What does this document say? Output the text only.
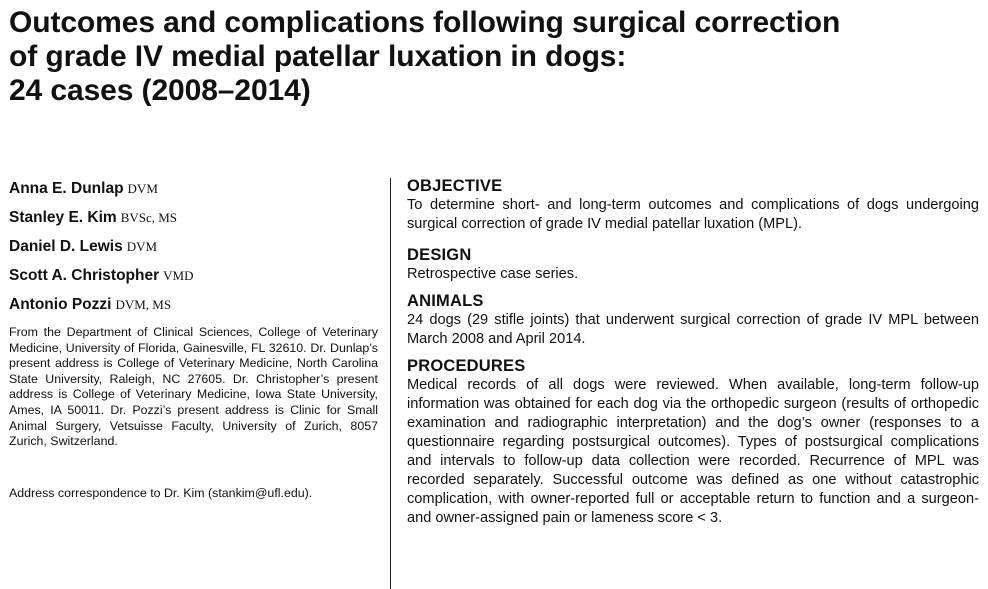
Outcomes and complications following surgical correction
of grade IV medial patellar luxation in dogs:
24 cases (2008–2014)
Anna E. Dunlap DVM
Stanley E. Kim BVSc, MS
Daniel D. Lewis DVM
Scott A. Christopher VMD
Antonio Pozzi DVM, MS

From the Department of Clinical Sciences, College of Veterinary Medicine, University of Florida, Gainesville, FL 32610. Dr. Dunlap’s present address is College of Veterinary Medicine, North Carolina State University, Raleigh, NC 27605. Dr. Christopher’s present address is College of Veterinary Medicine, Iowa State University, Ames, IA 50011. Dr. Pozzi’s present address is Clinic for Small Animal Surgery, Vetsuisse Faculty, University of Zurich, 8057 Zurich, Switzerland.

Address correspondence to Dr. Kim (stankim@ufl.edu).

OBJECTIVE

To determine short- and long-term outcomes and complications of dogs undergoing surgical correction of grade IV medial patellar luxation (MPL).

DESIGN

Retrospective case series.

ANIMALS

24 dogs (29 stifle joints) that underwent surgical correction of grade IV MPL between March 2008 and April 2014.

PROCEDURES

Medical records of all dogs were reviewed. When available, long-term follow-up information was obtained for each dog via the orthopedic surgeon (results of orthopedic examination and radiographic interpretation) and the dog’s owner (responses to a questionnaire regarding postsurgical outcomes). Types of postsurgical complications and intervals to follow-up data collection were recorded. Recurrence of MPL was recorded separately. Successful outcome was defined as one without catastrophic complication, with owner-reported full or acceptable return to function and a surgeon- and owner-assigned pain or lameness score < 3.
